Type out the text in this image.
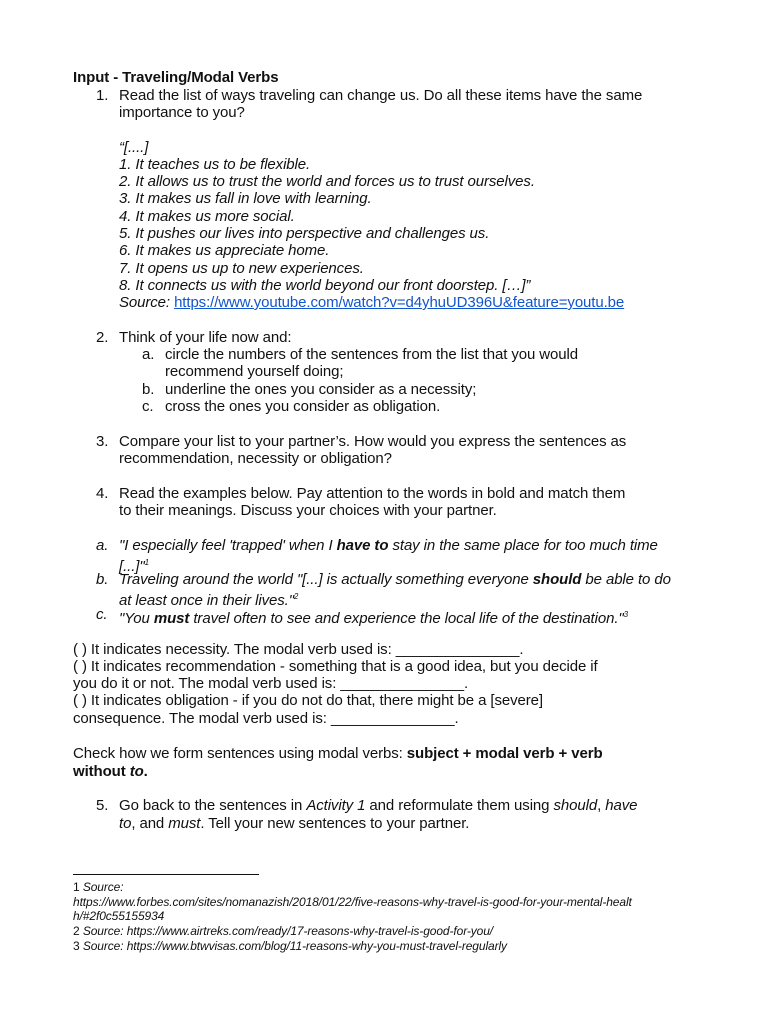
Input - Traveling/Modal Verbs
1. Read the list of ways traveling can change us. Do all these items have the same
importance to you?
“[....]
1. It teaches us to be flexible.
2. It allows us to trust the world and forces us to trust ourselves.
3. It makes us fall in love with learning.
4. It makes us more social.
5. It pushes our lives into perspective and challenges us.
6. It makes us appreciate home.
7. It opens us up to new experiences.
8. It connects us with the world beyond our front doorstep. […]”
Source: https://www.youtube.com/watch?v=d4yhuUD396U&feature=youtu.be
2. Think of your life now and:
a. circle the numbers of the sentences from the list that you would
recommend yourself doing;
b. underline the ones you consider as a necessity;
c. cross the ones you consider as obligation.
3. Compare your list to your partner’s. How would you express the sentences as
recommendation, necessity or obligation?
4. Read the examples below. Pay attention to the words in bold and match them
to their meanings. Discuss your choices with your partner.
a. "I especially feel 'trapped' when I have to stay in the same place for too much time
[...]"$^1$
b. Traveling around the world "[...] is actually something everyone should be able to do
at least once in their lives."$^2$
c. "You must travel often to see and experience the local life of the destination."$^3$
( ) It indicates necessity. The modal verb used is: _______________.
( ) It indicates recommendation - something that is a good idea, but you decide if
you do it or not. The modal verb used is: _______________.
( ) It indicates obligation - if you do not do that, there might be a [severe]
consequence. The modal verb used is: _______________.
Check how we form sentences using modal verbs: subject + modal verb + verb
without to.
5. Go back to the sentences in Activity 1 and reformulate them using should, have
to, and must. Tell your new sentences to your partner.
1 Source:
https://www.forbes.com/sites/nomanazish/2018/01/22/five-reasons-why-travel-is-good-for-your-mental-healt
h/#2f0c55155934
2 Source: https://www.airtreks.com/ready/17-reasons-why-travel-is-good-for-you/
3 Source: https://www.btwvisas.com/blog/11-reasons-why-you-must-travel-regularly
